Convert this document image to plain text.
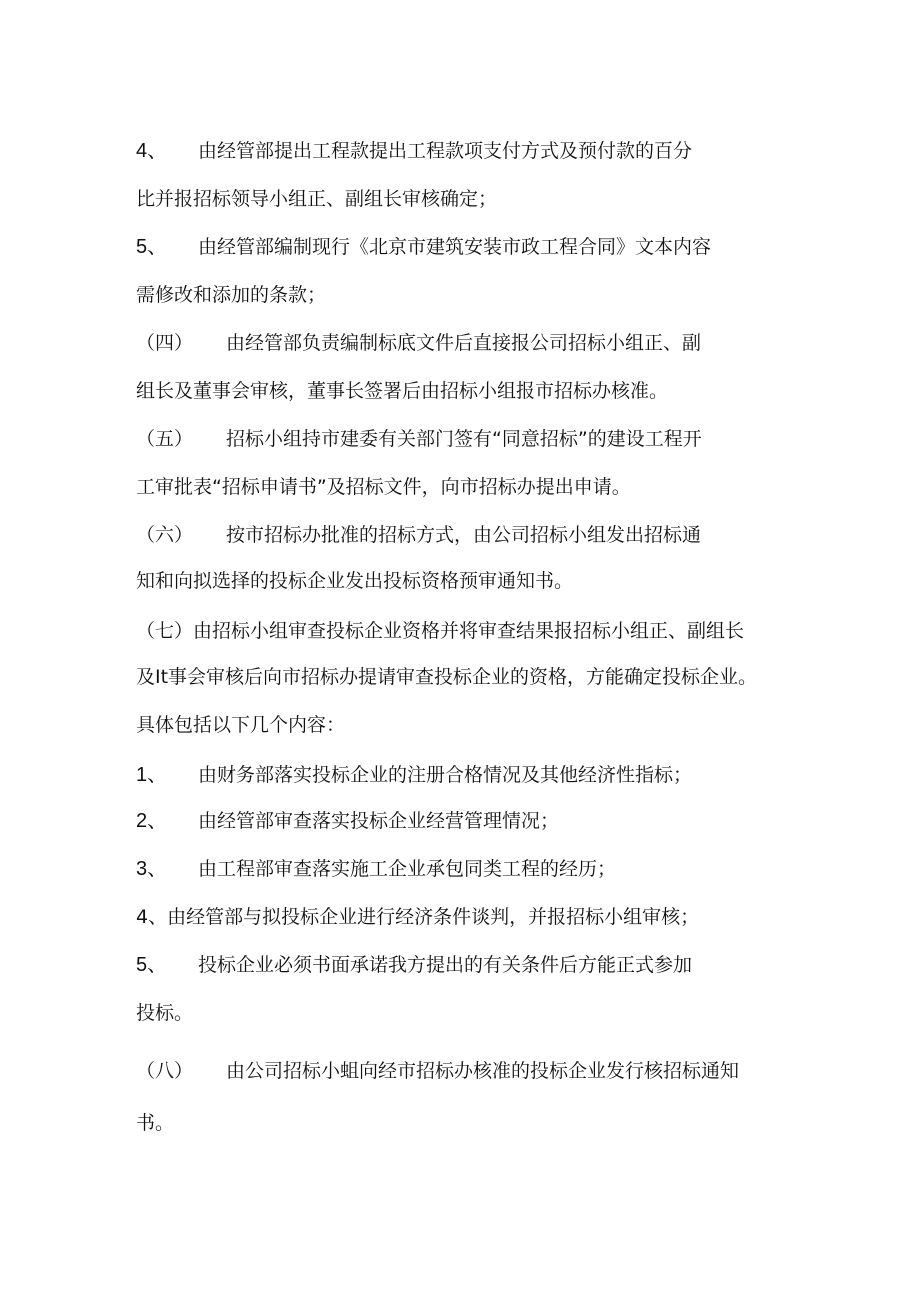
4、 由经管部提出工程款提出工程款项支付方式及预付款的百分
比并报招标领导小组正、副组长审核确定；
5、 由经管部编制现行《北京市建筑安装市政工程合同》文本内容
需修改和添加的条款；
（四） 由经管部负责编制标底文件后直接报公司招标小组正、副
组长及董事会审核，董事长签署后由招标小组报市招标办核准。
（五） 招标小组持市建委有关部门签有“同意招标”的建设工程开
工审批表“招标申请书”及招标文件，向市招标办提出申请。
（六） 按市招标办批准的招标方式，由公司招标小组发出招标通
知和向拟选择的投标企业发出投标资格预审通知书。
（七）由招标小组审查投标企业资格并将审查结果报招标小组正、副组长
及It事会审核后向市招标办提请审查投标企业的资格，方能确定投标企业。
具体包括以下几个内容：
1、 由财务部落实投标企业的注册合格情况及其他经济性指标；
2、 由经管部审查落实投标企业经营管理情况；
3、 由工程部审查落实施工企业承包同类工程的经历；
4、由经管部与拟投标企业进行经济条件谈判，并报招标小组审核；
5、 投标企业必须书面承诺我方提出的有关条件后方能正式参加
投标。
（八） 由公司招标小蛆向经市招标办核准的投标企业发行核招标通知
书。
